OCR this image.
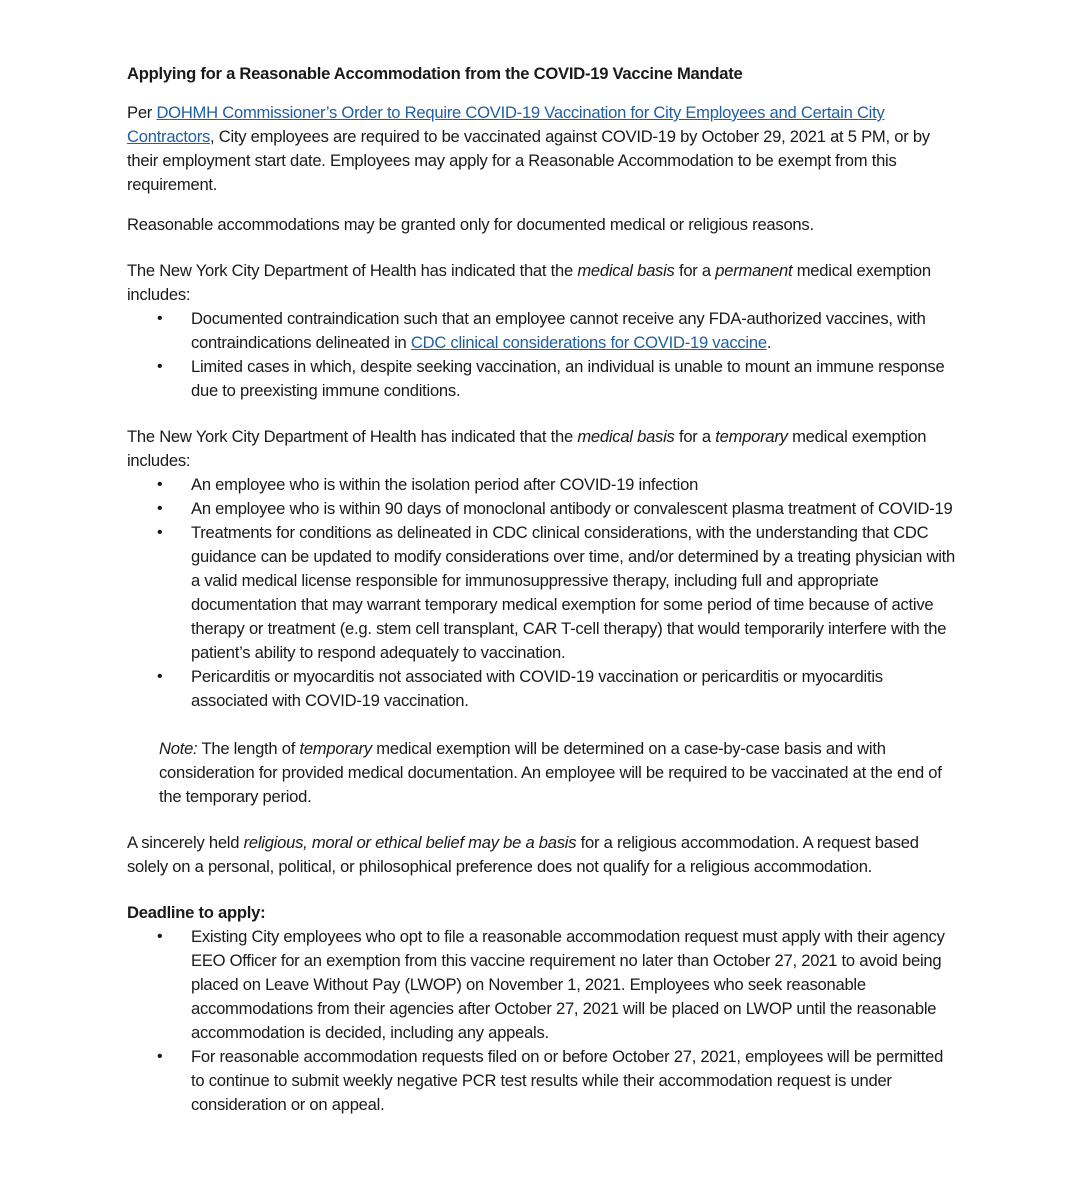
Applying for a Reasonable Accommodation from the COVID-19 Vaccine Mandate

Per DOHMH Commissioner’s Order to Require COVID-19 Vaccination for City Employees and Certain City Contractors, City employees are required to be vaccinated against COVID-19 by October 29, 2021 at 5 PM, or by their employment start date. Employees may apply for a Reasonable Accommodation to be exempt from this requirement.

Reasonable accommodations may be granted only for documented medical or religious reasons.

The New York City Department of Health has indicated that the medical basis for a permanent medical exemption includes:

• Documented contraindication such that an employee cannot receive any FDA-authorized vaccines, with contraindications delineated in CDC clinical considerations for COVID-19 vaccine.
• Limited cases in which, despite seeking vaccination, an individual is unable to mount an immune response due to preexisting immune conditions.

The New York City Department of Health has indicated that the medical basis for a temporary medical exemption includes:

• An employee who is within the isolation period after COVID-19 infection
• An employee who is within 90 days of monoclonal antibody or convalescent plasma treatment of COVID-19
• Treatments for conditions as delineated in CDC clinical considerations, with the understanding that CDC guidance can be updated to modify considerations over time, and/or determined by a treating physician with a valid medical license responsible for immunosuppressive therapy, including full and appropriate documentation that may warrant temporary medical exemption for some period of time because of active therapy or treatment (e.g. stem cell transplant, CAR T-cell therapy) that would temporarily interfere with the patient’s ability to respond adequately to vaccination.
• Pericarditis or myocarditis not associated with COVID-19 vaccination or pericarditis or myocarditis associated with COVID-19 vaccination.

Note: The length of temporary medical exemption will be determined on a case-by-case basis and with consideration for provided medical documentation. An employee will be required to be vaccinated at the end of the temporary period.

A sincerely held religious, moral or ethical belief may be a basis for a religious accommodation. A request based solely on a personal, political, or philosophical preference does not qualify for a religious accommodation.

Deadline to apply:

• Existing City employees who opt to file a reasonable accommodation request must apply with their agency EEO Officer for an exemption from this vaccine requirement no later than October 27, 2021 to avoid being placed on Leave Without Pay (LWOP) on November 1, 2021. Employees who seek reasonable accommodations from their agencies after October 27, 2021 will be placed on LWOP until the reasonable accommodation is decided, including any appeals.
• For reasonable accommodation requests filed on or before October 27, 2021, employees will be permitted to continue to submit weekly negative PCR test results while their accommodation request is under consideration or on appeal.
